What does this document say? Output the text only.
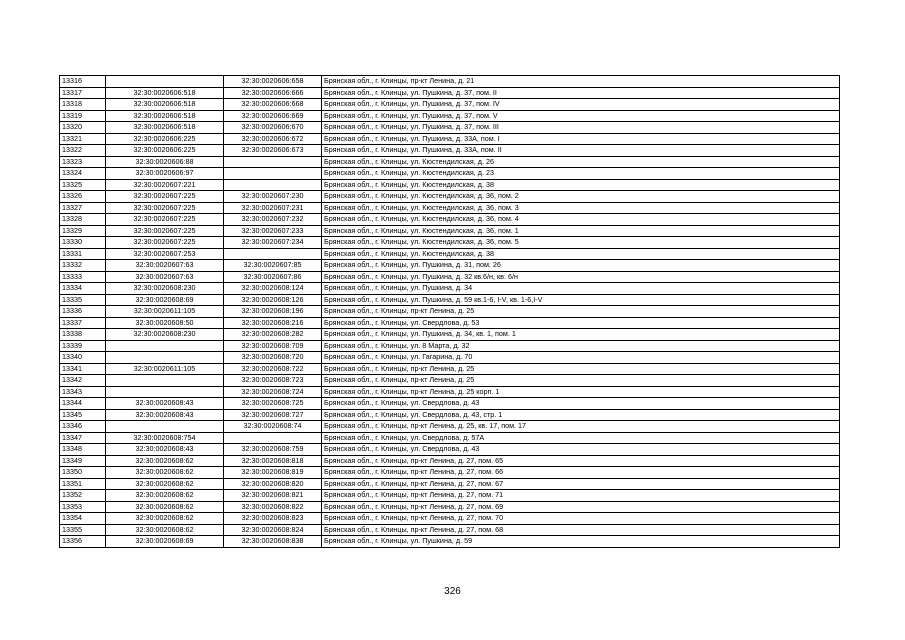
13316		32:30:0020606:658	Брянская обл., г. Клинцы, пр-кт Ленина, д. 21
13317	32:30:0020606:518	32:30:0020606:666	Брянская обл., г. Клинцы, ул. Пушкина, д. 37, пом. II
13318	32:30:0020606:518	32:30:0020606:668	Брянская обл., г. Клинцы, ул. Пушкина, д. 37, пом. IV
13319	32:30:0020606:518	32:30:0020606:669	Брянская обл., г. Клинцы, ул. Пушкина, д. 37, пом. V
13320	32:30:0020606:518	32:30:0020606:670	Брянская обл., г. Клинцы, ул. Пушкина, д. 37, пом. III
13321	32:30:0020606:225	32:30:0020606:672	Брянская обл., г. Клинцы, ул. Пушкина, д. 33А, пом. I
13322	32:30:0020606:225	32:30:0020606:673	Брянская обл., г. Клинцы, ул. Пушкина, д. 33А, пом. II
13323	32:30:0020606:88		Брянская обл., г. Клинцы, ул. Кюстендилская, д. 26
13324	32:30:0020606:97		Брянская обл., г. Клинцы, ул. Кюстендилская, д. 23
13325	32:30:0020607:221		Брянская обл., г. Клинцы, ул. Кюстендилская, д. 38
13326	32:30:0020607:225	32:30:0020607:230	Брянская обл., г. Клинцы, ул. Кюстендилская, д. 36, пом. 2
13327	32:30:0020607:225	32:30:0020607:231	Брянская обл., г. Клинцы, ул. Кюстендилская, д. 36, пом. 3
13328	32:30:0020607:225	32:30:0020607:232	Брянская обл., г. Клинцы, ул. Кюстендилская, д. 36, пом. 4
13329	32:30:0020607:225	32:30:0020607:233	Брянская обл., г. Клинцы, ул. Кюстендилская, д. 36, пом. 1
13330	32:30:0020607:225	32:30:0020607:234	Брянская обл., г. Клинцы, ул. Кюстендилская, д. 36, пом. 5
13331	32:30:0020607:253		Брянская обл., г. Клинцы, ул. Кюстендилская, д. 38
13332	32:30:0020607:63	32:30:0020607:85	Брянская обл., г. Клинцы, ул. Пушкина, д. 31, пом. 26
13333	32:30:0020607:63	32:30:0020607:86	Брянская обл., г. Клинцы, ул. Пушкина, д. 32 кв.6/н, кв. 6/н
13334	32:30:0020608:230	32:30:0020608:124	Брянская обл., г. Клинцы, ул. Пушкина, д. 34
13335	32:30:0020608:69	32:30:0020608:126	Брянская обл., г. Клинцы, ул. Пушкина, д. 59 кв.1-6, I-V, кв. 1-6,I-V
13336	32:30:0020611:105	32:30:0020608:196	Брянская обл., г. Клинцы, пр-кт Ленина, д. 25
13337	32:30:0020608:50	32:30:0020608:216	Брянская обл., г. Клинцы, ул. Свердлова, д. 53
13338	32:30:0020608:230	32:30:0020608:282	Брянская обл., г. Клинцы, ул. Пушкина, д. 34, кв. 1, пом. 1
13339		32:30:0020608:709	Брянская обл., г. Клинцы, ул. 8 Марта, д. 32
13340		32:30:0020608:720	Брянская обл., г. Клинцы, ул. Гагарина, д. 70
13341	32:30:0020611:105	32:30:0020608:722	Брянская обл., г. Клинцы, пр-кт Ленина, д. 25
13342		32:30:0020608:723	Брянская обл., г. Клинцы, пр-кт Ленина, д. 25
13343		32:30:0020608:724	Брянская обл., г. Клинцы, пр-кт Ленина, д. 25 корп. 1
13344	32:30:0020608:43	32:30:0020608:725	Брянская обл., г. Клинцы, ул. Свердлова, д. 43
13345	32:30:0020608:43	32:30:0020608:727	Брянская обл., г. Клинцы, ул. Свердлова, д. 43, стр. 1
13346		32:30:0020608:74	Брянская обл., г. Клинцы, пр-кт Ленина, д. 25, кв. 17, пом. 17
13347	32:30:0020608:754		Брянская обл., г. Клинцы, ул. Свердлова, д. 57А
13348	32:30:0020608:43	32:30:0020608:759	Брянская обл., г. Клинцы, ул. Свердлова, д. 43
13349	32:30:0020608:62	32:30:0020608:818	Брянская обл., г. Клинцы, пр-кт Ленина, д. 27, пом. 65
13350	32:30:0020608:62	32:30:0020608:819	Брянская обл., г. Клинцы, пр-кт Ленина, д. 27, пом. 66
13351	32:30:0020608:62	32:30:0020608:820	Брянская обл., г. Клинцы, пр-кт Ленина, д. 27, пом. 67
13352	32:30:0020608:62	32:30:0020608:821	Брянская обл., г. Клинцы, пр-кт Ленина, д. 27, пом. 71
13353	32:30:0020608:62	32:30:0020608:822	Брянская обл., г. Клинцы, пр-кт Ленина, д. 27, пом. 69
13354	32:30:0020608:62	32:30:0020608:823	Брянская обл., г. Клинцы, пр-кт Ленина, д. 27, пом. 70
13355	32:30:0020608:62	32:30:0020608:824	Брянская обл., г. Клинцы, пр-кт Ленина, д. 27, пом. 68
13356	32:30:0020608:69	32:30:0020608:838	Брянская обл., г. Клинцы, ул. Пушкина, д. 59
326
